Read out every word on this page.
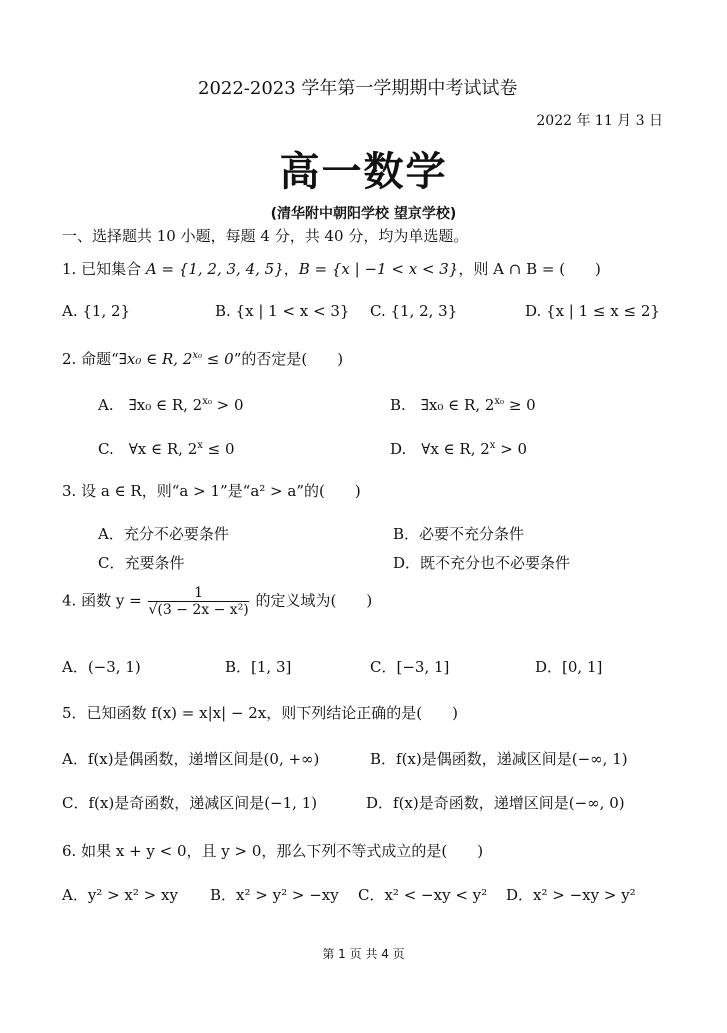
2022-2023 学年第一学期期中考试试卷
2022 年 11 月 3 日
高一数学
(清华附中朝阳学校 望京学校)
一、选择题共 10 小题，每题 4 分，共 40 分，均为单选题。
1. 已知集合 A = {1, 2, 3, 4, 5}，B = {x | −1 < x < 3}，则 A ∩ B = (　　)
A. {1, 2}	B. {x | 1 < x < 3} C. {1, 2, 3}	D. {x | 1 ≤ x ≤ 2}
2. 命题“∃x₀ ∈ R, $2^{x_0} \le 0$”的否定是(　　)
A.　∃x₀ ∈ R, $2^{x_0} > 0$	B.　∃x₀ ∈ R, $2^{x_0} \ge 0$
C.　∀x ∈ R, $2^x \le 0$	D.　∀x ∈ R, $2^x > 0$
3. 设 a ∈ R，则“a > 1”是“a² > a”的(　　)
A．充分不必要条件	B．必要不充分条件
C．充要条件	D．既不充分也不必要条件
4. 函数 $y = \frac{1}{\text{√(3 − 2x − x²)}}$ 的定义域为(　　)
A．(−3, 1)	B．[1, 3]	C．[−3, 1]	D．[0, 1]
5．已知函数 f(x) = x|x| − 2x，则下列结论正确的是(　　)
A．f(x)是偶函数，递增区间是(0, +∞)	B．f(x)是偶函数，递减区间是(−∞, 1)
C．f(x)是奇函数，递减区间是(−1, 1)	D．f(x)是奇函数，递增区间是(−∞, 0)
6. 如果 x + y < 0，且 y > 0，那么下列不等式成立的是(　　)
A．y² > x² > xy B．x² > y² > −xy C．x² < −xy < y² D．x² > −xy > y²
第 1 页 共 4 页
